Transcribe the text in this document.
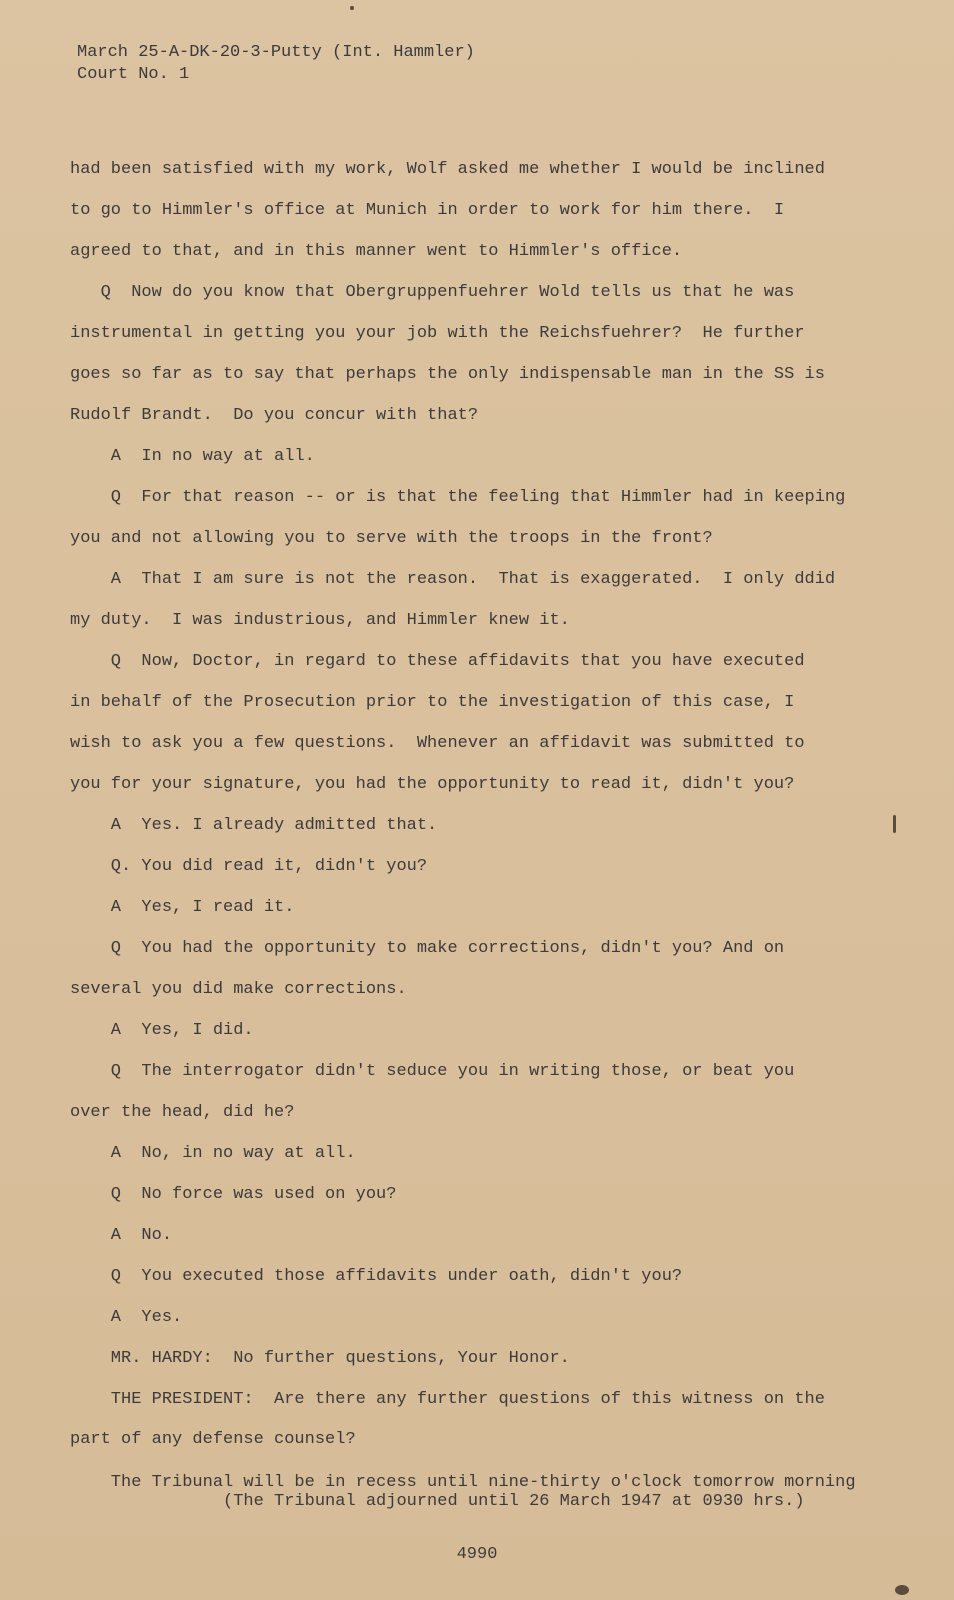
March 25-A-DK-20-3-Putty (Int. Hammler)
Court No. 1
had been satisfied with my work, Wolf asked me whether I would be inclined
to go to Himmler's office at Munich in order to work for him there.  I
agreed to that, and in this manner went to Himmler's office.
Q  Now do you know that Obergruppenfuehrer Wold tells us that he was
instrumental in getting you your job with the Reichsfuehrer?  He further
goes so far as to say that perhaps the only indispensable man in the SS is
Rudolf Brandt.  Do you concur with that?
A  In no way at all.
Q  For that reason -- or is that the feeling that Himmler had in keeping
you and not allowing you to serve with the troops in the front?
A  That I am sure is not the reason.  That is exaggerated.  I only ddid
my duty.  I was industrious, and Himmler knew it.
Q  Now, Doctor, in regard to these affidavits that you have executed
in behalf of the Prosecution prior to the investigation of this case, I
wish to ask you a few questions.  Whenever an affidavit was submitted to
you for your signature, you had the opportunity to read it, didn't you?
A  Yes. I already admitted that.
Q. You did read it, didn't you?
A  Yes, I read it.
Q  You had the opportunity to make corrections, didn't you? And on
several you did make corrections.
A  Yes, I did.
Q  The interrogator didn't seduce you in writing those, or beat you
over the head, did he?
A  No, in no way at all.
Q  No force was used on you?
A  No.
Q  You executed those affidavits under oath, didn't you?
A  Yes.
MR. HARDY:  No further questions, Your Honor.
THE PRESIDENT:  Are there any further questions of this witness on the
part of any defense counsel?
The Tribunal will be in recess until nine-thirty o'clock tomorrow morning
(The Tribunal adjourned until 26 March 1947 at 0930 hrs.)
4990
